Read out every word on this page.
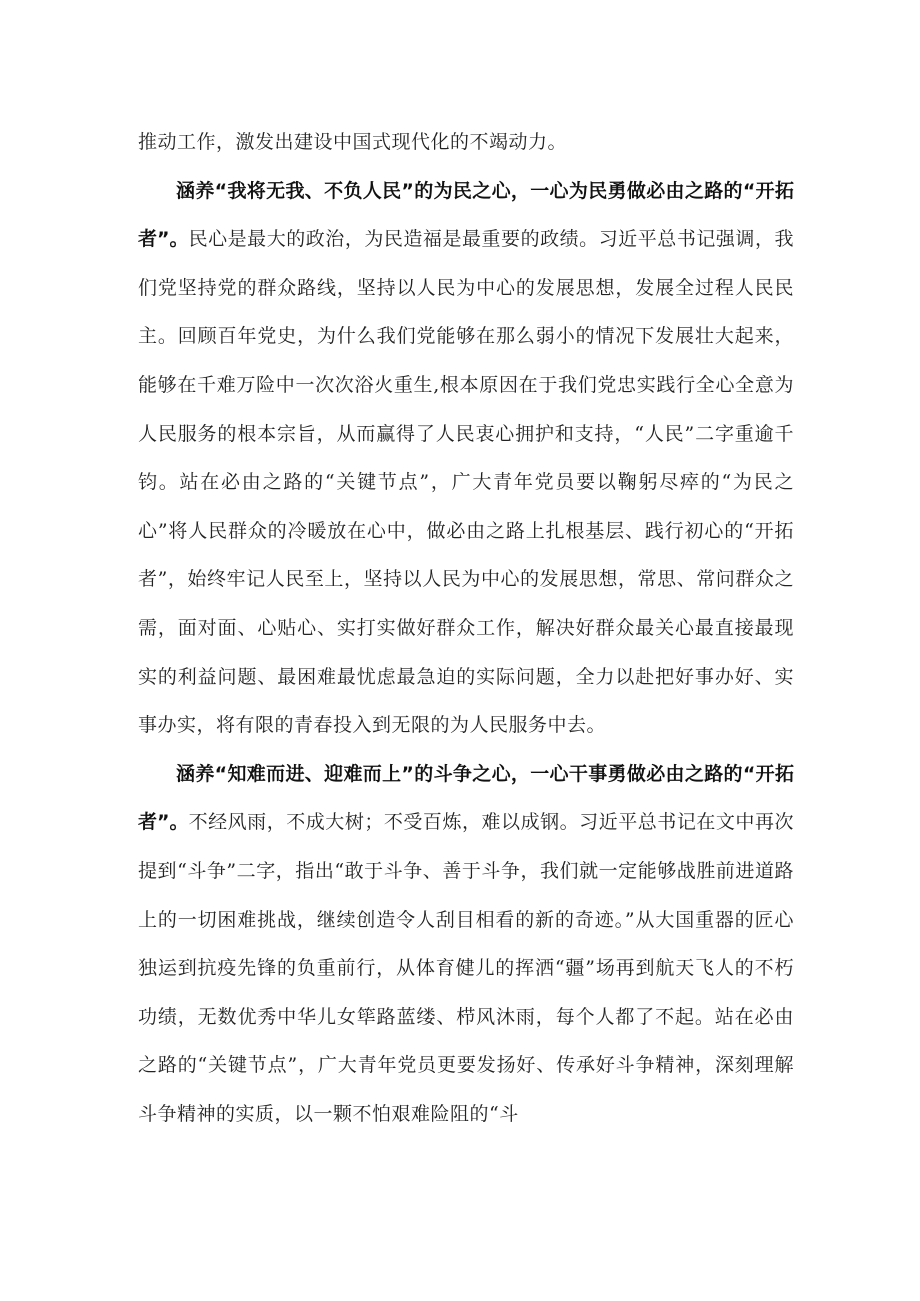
推动工作，激发出建设中国式现代化的不竭动力。

涵养“我将无我、不负人民”的为民之心，一心为民勇做必由之路的“开拓者”。民心是最大的政治，为民造福是最重要的政绩。习近平总书记强调，我们党坚持党的群众路线，坚持以人民为中心的发展思想，发展全过程人民民主。回顾百年党史，为什么我们党能够在那么弱小的情况下发展壮大起来，能够在千难万险中一次次浴火重生,根本原因在于我们党忠实践行全心全意为人民服务的根本宗旨，从而赢得了人民衷心拥护和支持，“人民”二字重逾千钧。站在必由之路的“关键节点”，广大青年党员要以鞠躬尽瘁的“为民之心”将人民群众的冷暖放在心中，做必由之路上扎根基层、践行初心的“开拓者”，始终牢记人民至上，坚持以人民为中心的发展思想，常思、常问群众之需，面对面、心贴心、实打实做好群众工作，解决好群众最关心最直接最现实的利益问题、最困难最忧虑最急迫的实际问题，全力以赴把好事办好、实事办实，将有限的青春投入到无限的为人民服务中去。

涵养“知难而进、迎难而上”的斗争之心，一心干事勇做必由之路的“开拓者”。不经风雨，不成大树；不受百炼，难以成钢。习近平总书记在文中再次提到“斗争”二字，指出“敢于斗争、善于斗争，我们就一定能够战胜前进道路上的一切困难挑战，继续创造令人刮目相看的新的奇迹。”从大国重器的匠心独运到抗疫先锋的负重前行，从体育健儿的挥洒“疆”场再到航天飞人的不朽功绩，无数优秀中华儿女筚路蓝缕、栉风沐雨，每个人都了不起。站在必由之路的“关键节点”，广大青年党员更要发扬好、传承好斗争精神，深刻理解斗争精神的实质，以一颗不怕艰难险阻的“斗
